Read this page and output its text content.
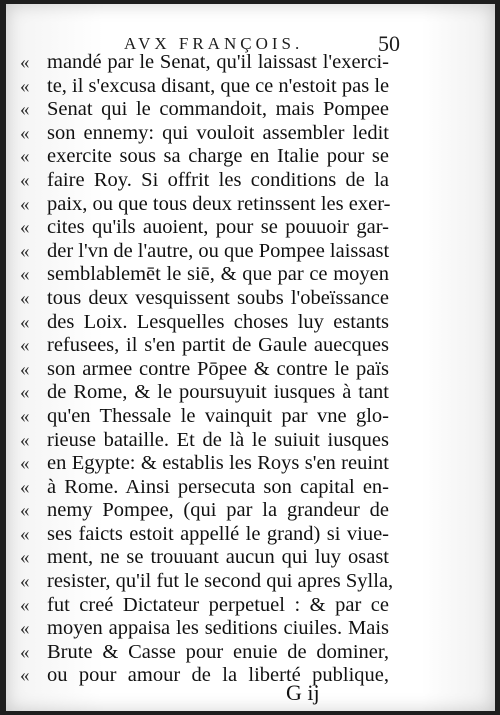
AVX FRANÇOIS.	50
« mandé par le Senat, qu'il laissast l'exerci-
« te, il s'excusa disant, que ce n'estoit pas le
« Senat qui le commandoit, mais Pompee
« son ennemy: qui vouloit assembler ledit
« exercite sous sa charge en Italie pour se
« faire Roy. Si offrit les conditions de la
« paix, ou que tous deux retinssent les exer-
« cites qu'ils auoient, pour se pouuoir gar-
« der l'vn de l'autre, ou que Pompee laissast
« semblablemēt le siē, & que par ce moyen
« tous deux vesquissent soubs l'obeïssance
« des Loix. Lesquelles choses luy estants
« refusees, il s'en partit de Gaule auecques
« son armee contre Pōpee & contre le païs
« de Rome, & le poursuyuit iusques à tant
« qu'en Thessale le vainquit par vne glo-
« rieuse bataille. Et de là le suiuit iusques
« en Egypte: & establis les Roys s'en reuint
« à Rome. Ainsi persecuta son capital en-
« nemy Pompee, (qui par la grandeur de
« ses faicts estoit appellé le grand) si viue-
« ment, ne se trouuant aucun qui luy osast
« resister, qu'il fut le second qui apres Sylla,
« fut creé Dictateur perpetuel : & par ce
« moyen appaisa les seditions ciuiles. Mais
« Brute & Casse pour enuie de dominer,
« ou pour amour de la liberté publique,
G ij
